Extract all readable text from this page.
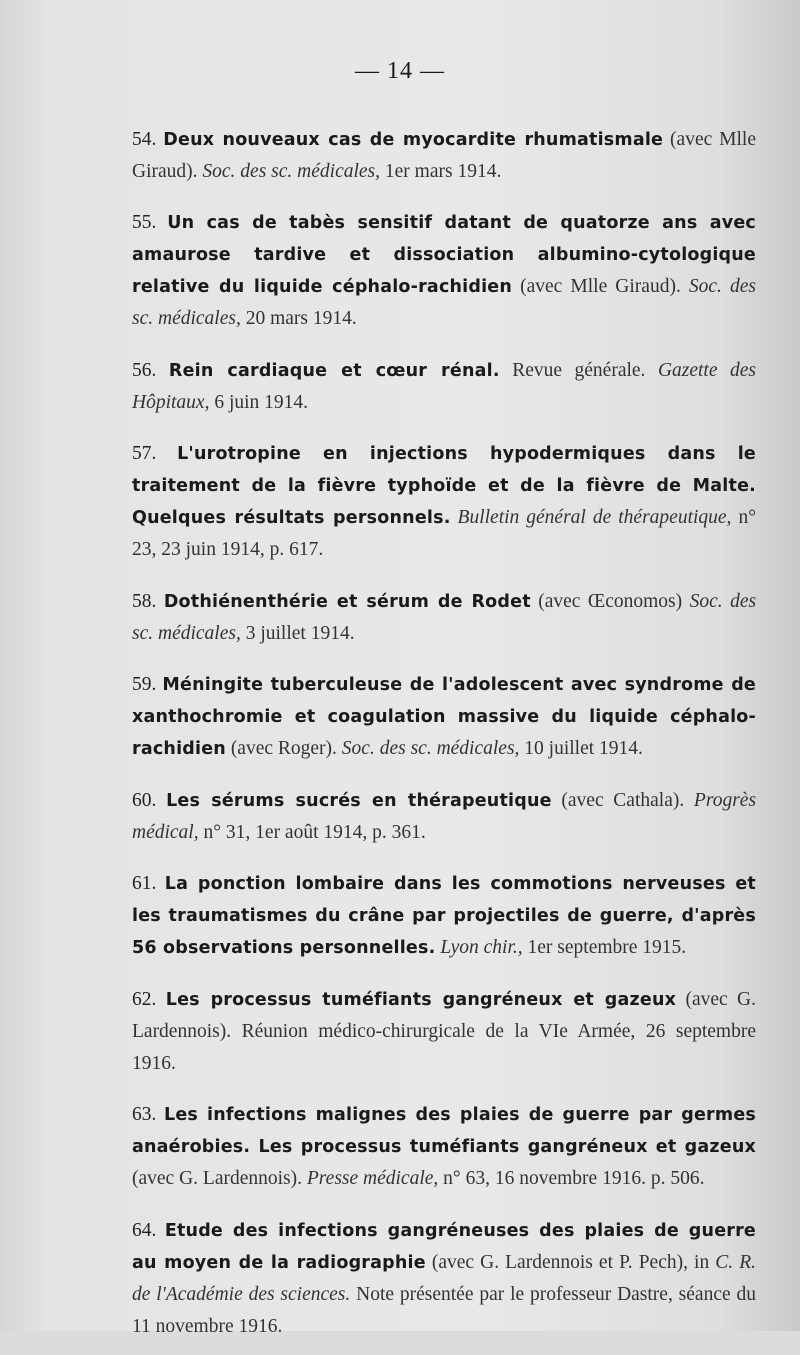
— 14 —

54. Deux nouveaux cas de myocardite rhumatismale (avec Mlle Giraud). Soc. des sc. médicales, 1er mars 1914.

55. Un cas de tabès sensitif datant de quatorze ans avec amaurose tardive et dissociation albumino-cytologique relative du liquide céphalo-rachidien (avec Mlle Giraud). Soc. des sc. médicales, 20 mars 1914.

56. Rein cardiaque et cœur rénal. Revue générale. Gazette des Hôpitaux, 6 juin 1914.

57. L'urotropine en injections hypodermiques dans le traitement de la fièvre typhoïde et de la fièvre de Malte. Quelques résultats personnels. Bulletin général de thérapeutique, n° 23, 23 juin 1914, p. 617.

58. Dothiénenthérie et sérum de Rodet (avec Œconomos) Soc. des sc. médicales, 3 juillet 1914.

59. Méningite tuberculeuse de l'adolescent avec syndrome de xanthochromie et coagulation massive du liquide céphalo-rachidien (avec Roger). Soc. des sc. médicales, 10 juillet 1914.

60. Les sérums sucrés en thérapeutique (avec Cathala). Progrès médical, n° 31, 1er août 1914, p. 361.

61. La ponction lombaire dans les commotions nerveuses et les traumatismes du crâne par projectiles de guerre, d'après 56 observations personnelles. Lyon chir., 1er septembre 1915.

62. Les processus tuméfiants gangréneux et gazeux (avec G. Lardennois). Réunion médico-chirurgicale de la VIe Armée, 26 septembre 1916.

63. Les infections malignes des plaies de guerre par germes anaérobies. Les processus tuméfiants gangréneux et gazeux (avec G. Lardennois). Presse médicale, n° 63, 16 novembre 1916. p. 506.

64. Etude des infections gangréneuses des plaies de guerre au moyen de la radiographie (avec G. Lardennois et P. Pech), in C. R. de l'Académie des sciences. Note présentée par le professeur Dastre, séance du 11 novembre 1916.
